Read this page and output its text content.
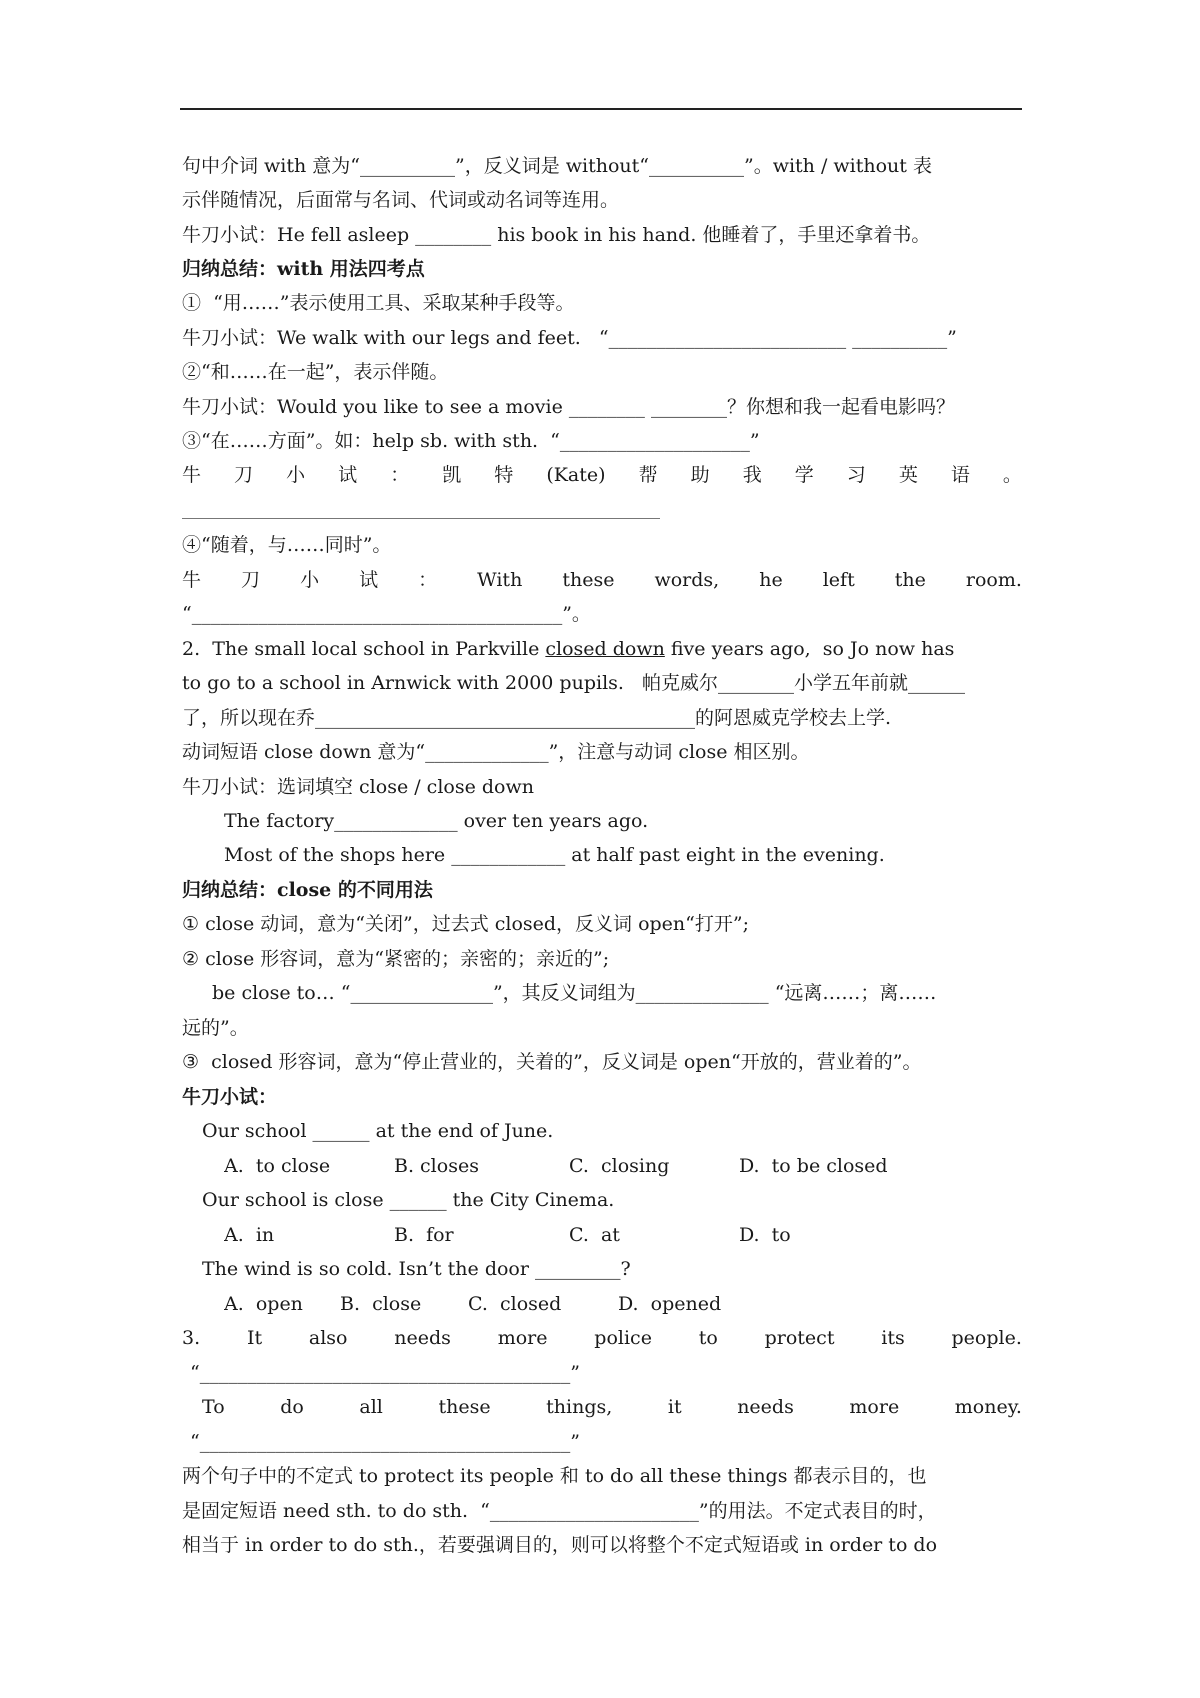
句中介词 with 意为“__________”，反义词是 without“__________”。with / without 表
示伴随情况，后面常与名词、代词或动名词等连用。
牛刀小试：He fell asleep ________ his book in his hand. 他睡着了，手里还拿着书。
归纳总结：with 用法四考点
①  “用……”表示使用工具、采取某种手段等。
牛刀小试：We walk with our legs and feet.   “_________________________ __________”
②“和……在一起”，表示伴随。
牛刀小试：Would you like to see a movie ________ ________？你想和我一起看电影吗？
③“在……方面”。如：help sb. with sth.  “____________________”
牛 刀 小 试 ： 凯 特 (Kate) 帮 助 我 学 习 英 语 。
④“随着，与……同时”。
牛 刀 小 试 ： With these words, he left the room.
“_______________________________________”。
2.  The small local school in Parkville closed down five years ago,  so Jo now has
to go to a school in Arnwick with 2000 pupils.   帕克威尔________小学五年前就______
了，所以现在乔________________________________________的阿恩威克学校去上学.
动词短语 close down 意为“_____________”，注意与动词 close 相区别。
牛刀小试：选词填空 close / close down
The factory_____________ over ten years ago.
Most of the shops here ____________ at half past eight in the evening.
归纳总结：close 的不同用法
① close 动词，意为“关闭”，过去式 closed，反义词 open“打开”;
② close 形容词，意为“紧密的；亲密的；亲近的”;
be close to… “_______________”，其反义词组为______________ “远离……；离……
远的”。
③  closed 形容词，意为“停止营业的，关着的”，反义词是 open“开放的，营业着的”。
牛刀小试：
Our school ______ at the end of June.
A.  to close	B. closes	C.  closing	D.  to be closed
Our school is close ______ the City Cinema.
A.  in	B.  for	C.  at	D.  to
The wind is so cold. Isn’t the door _________?
A.  open B.  close C.  closed	D.  opened
3. It also needs more police to protect its people.
“_______________________________________”
To	do	all	these	things,	it	needs	more	money.
“_______________________________________”
两个句子中的不定式 to protect its people 和 to do all these things 都表示目的，也
是固定短语 need sth. to do sth.  “______________________”的用法。不定式表目的时，
相当于 in order to do sth.，若要强调目的，则可以将整个不定式短语或 in order to do
